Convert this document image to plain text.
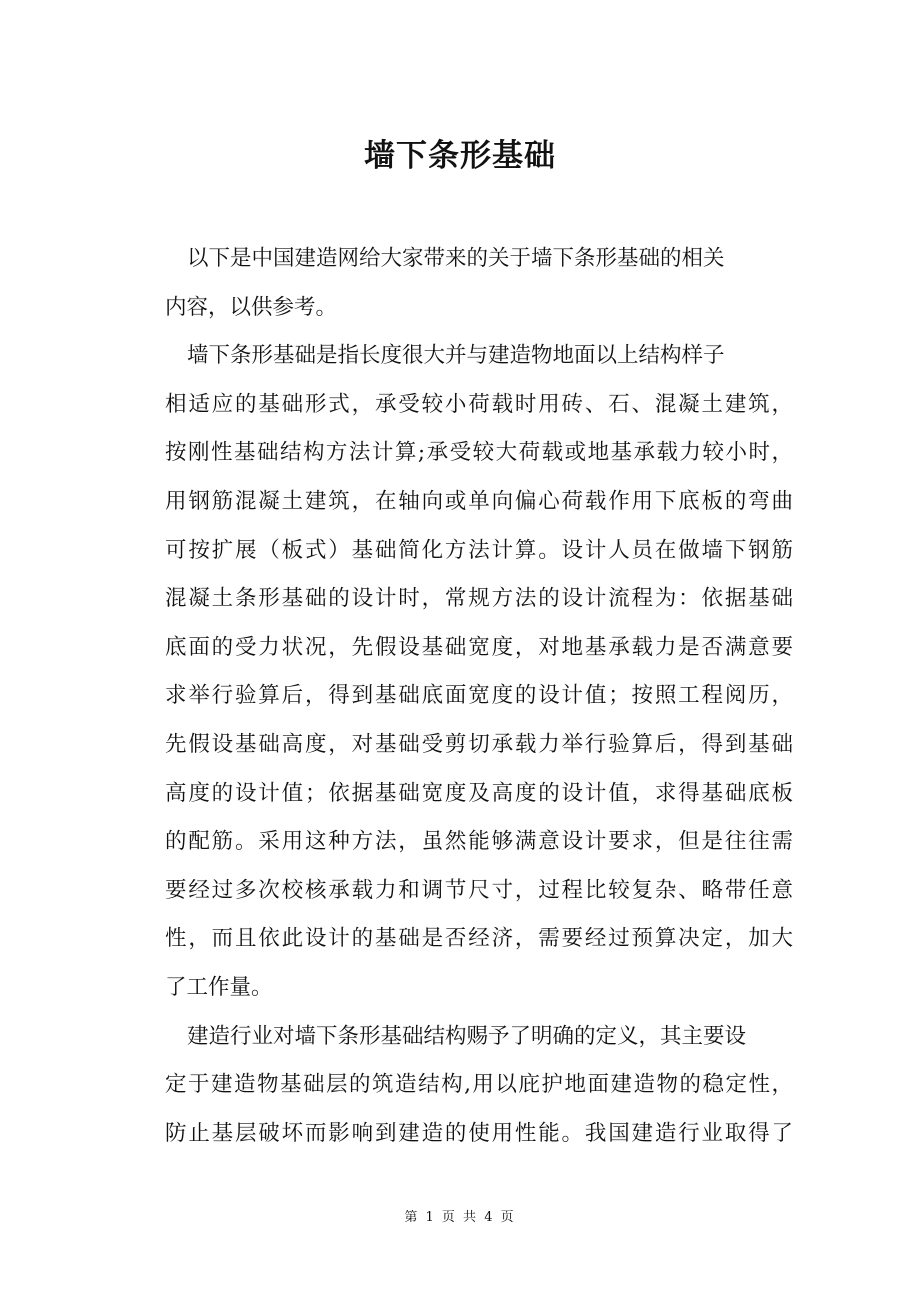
墙下条形基础
以下是中国建造网给大家带来的关于墙下条形基础的相关
内容，以供参考。
墙下条形基础是指长度很大并与建造物地面以上结构样子
相适应的基础形式，承受较小荷载时用砖、石、混凝土建筑，
按刚性基础结构方法计算;承受较大荷载或地基承载力较小时，
用钢筋混凝土建筑，在轴向或单向偏心荷载作用下底板的弯曲
可按扩展（板式）基础简化方法计算。设计人员在做墙下钢筋
混凝土条形基础的设计时，常规方法的设计流程为：依据基础
底面的受力状况，先假设基础宽度，对地基承载力是否满意要
求举行验算后，得到基础底面宽度的设计值；按照工程阅历，
先假设基础高度，对基础受剪切承载力举行验算后，得到基础
高度的设计值；依据基础宽度及高度的设计值，求得基础底板
的配筋。采用这种方法，虽然能够满意设计要求，但是往往需
要经过多次校核承载力和调节尺寸，过程比较复杂、略带任意
性，而且依此设计的基础是否经济，需要经过预算决定，加大
了工作量。
建造行业对墙下条形基础结构赐予了明确的定义，其主要设
定于建造物基础层的筑造结构,用以庇护地面建造物的稳定性，
防止基层破坏而影响到建造的使用性能。我国建造行业取得了
第 1 页 共 4 页
